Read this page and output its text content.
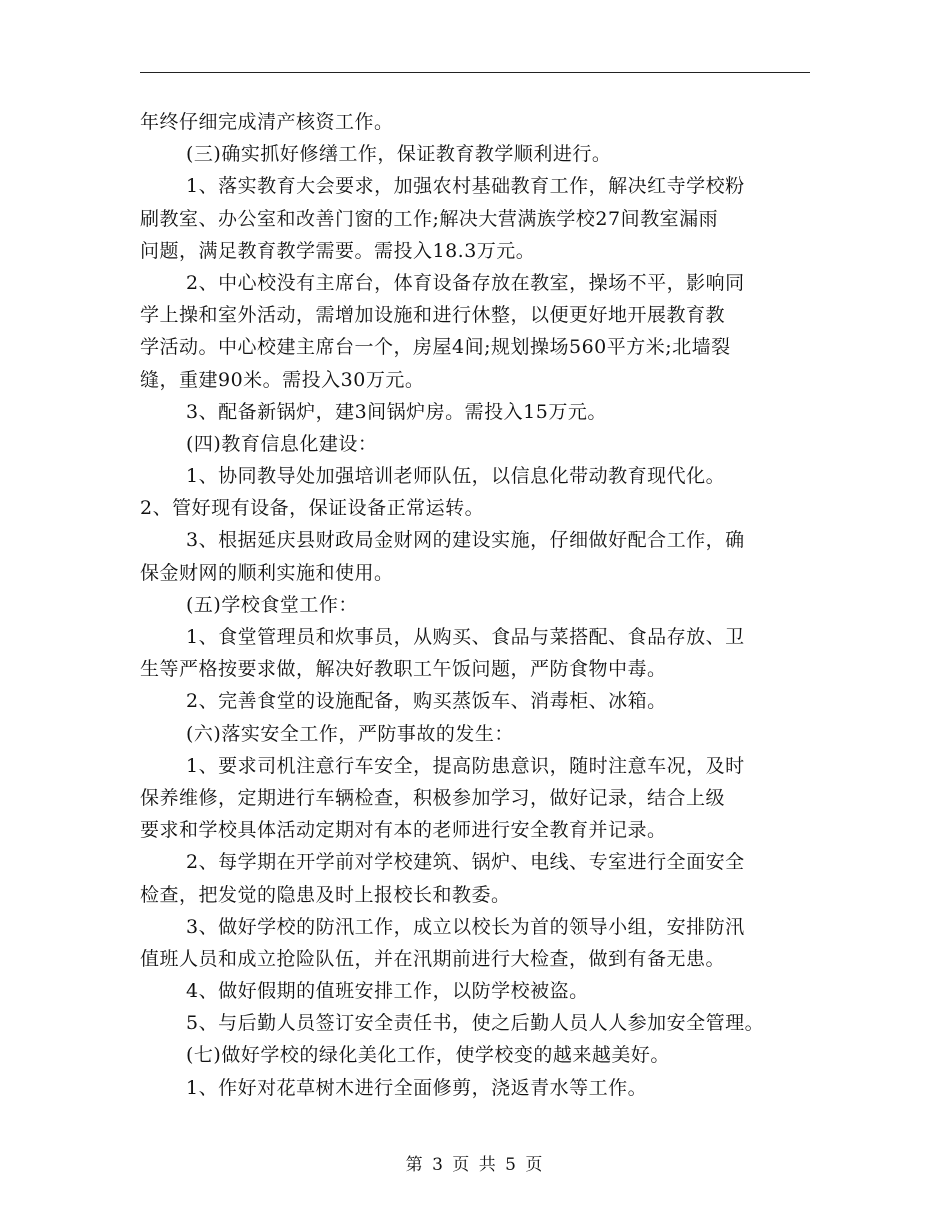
年终仔细完成清产核资工作。
(三)确实抓好修缮工作，保证教育教学顺利进行。
1、落实教育大会要求，加强农村基础教育工作，解决红寺学校粉
刷教室、办公室和改善门窗的工作;解决大营满族学校27间教室漏雨
问题，满足教育教学需要。需投入18.3万元。
2、中心校没有主席台，体育设备存放在教室，操场不平，影响同
学上操和室外活动，需增加设施和进行休整，以便更好地开展教育教
学活动。中心校建主席台一个，房屋4间;规划操场560平方米;北墙裂
缝，重建90米。需投入30万元。
3、配备新锅炉，建3间锅炉房。需投入15万元。
(四)教育信息化建设：
1、协同教导处加强培训老师队伍，以信息化带动教育现代化。
2、管好现有设备，保证设备正常运转。
3、根据延庆县财政局金财网的建设实施，仔细做好配合工作，确
保金财网的顺利实施和使用。
(五)学校食堂工作：
1、食堂管理员和炊事员，从购买、食品与菜搭配、食品存放、卫
生等严格按要求做，解决好教职工午饭问题，严防食物中毒。
2、完善食堂的设施配备，购买蒸饭车、消毒柜、冰箱。
(六)落实安全工作，严防事故的发生：
1、要求司机注意行车安全，提高防患意识，随时注意车况，及时
保养维修，定期进行车辆检查，积极参加学习，做好记录，结合上级
要求和学校具体活动定期对有本的老师进行安全教育并记录。
2、每学期在开学前对学校建筑、锅炉、电线、专室进行全面安全
检查，把发觉的隐患及时上报校长和教委。
3、做好学校的防汛工作，成立以校长为首的领导小组，安排防汛
值班人员和成立抢险队伍，并在汛期前进行大检查，做到有备无患。
4、做好假期的值班安排工作，以防学校被盗。
5、与后勤人员签订安全责任书，使之后勤人员人人参加安全管理。
(七)做好学校的绿化美化工作，使学校变的越来越美好。
1、作好对花草树木进行全面修剪，浇返青水等工作。
第 3 页 共 5 页
